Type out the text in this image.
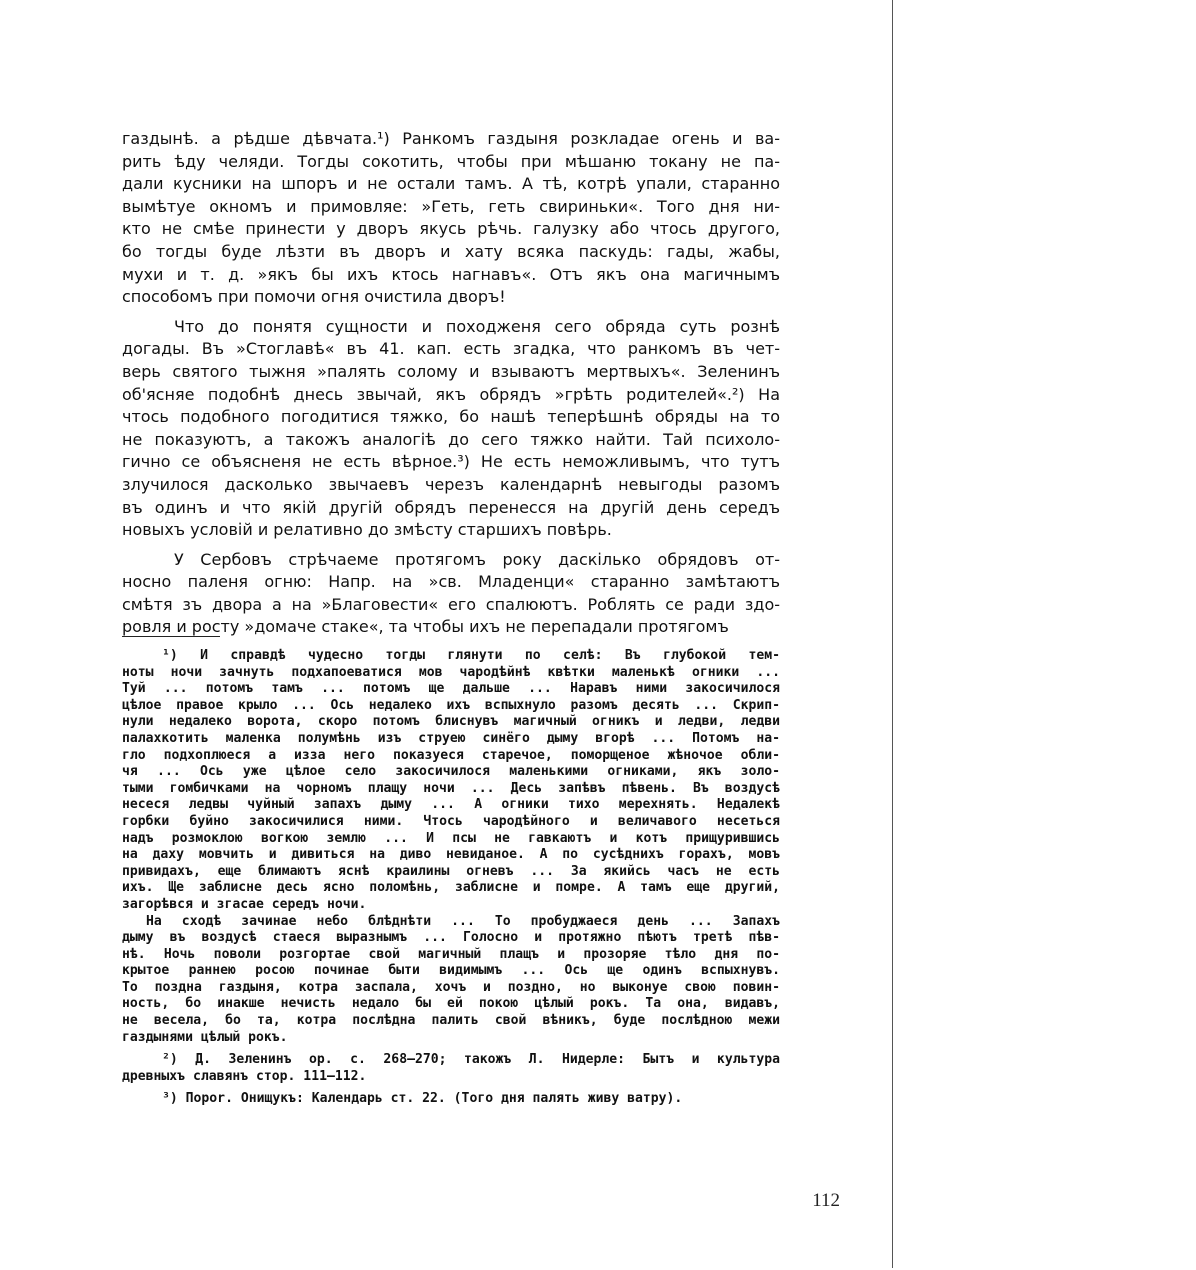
газдынѣ. а рѣдше дѣвчата.¹) Ранкомъ газдыня розкладае огень и ва-
рить ѣду челяди. Тогды сокотить, чтобы при мѣшаню токану не па-
дали кусники на шпоръ и не остали тамъ. А тѣ, котрѣ упали, старанно
вымѣтуе окномъ и примовляе: »Геть, геть свириньки«. Того дня ни-
кто не смѣе принести у дворъ якусь рѣчь. галузку або чтось другого,
бо тогды буде лѣзти въ дворъ и хату всяка паскудь: гады, жабы,
мухи и т. д. »якъ бы ихъ ктось нагнавъ«. Отъ якъ она магичнымъ
способомъ при помочи огня очистила дворъ!

Что до понятя сущности и походженя сего обряда суть рознѣ
догады. Въ »Стоглавѣ« въ 41. кап. есть згадка, что ранкомъ въ чет-
верь святого тыжня »палять солому и взываютъ мертвыхъ«. Зеленинъ
об'ясняе подобнѣ днесь звычай, якъ обрядъ »грѣть родителей«.²) На
чтось подобного погодитися тяжко, бо нашѣ теперѣшнѣ обряды на то
не показуютъ, а такожъ аналогіѣ до сего тяжко найти. Тай психоло-
гично се объясненя не есть вѣрное.³) Не есть неможливымъ, что тутъ
злучилося дасколько звычаевъ черезъ календарнѣ невыгоды разомъ
въ одинъ и что якій другій обрядъ перенесся на другій день середъ
новыхъ условій и релативно до змѣсту старшихъ повѣрь.

У Сербовъ стрѣчаеме протягомъ року даскілько обрядовъ от-
носно паленя огню: Напр. на »св. Младенци« старанно замѣтаютъ
смѣтя зъ двора а на »Благовести« его спалюютъ. Роблять се ради здо-
ровля и росту »домаче стаке«, та чтобы ихъ не перепадали протягомъ

¹) И справдѣ чудесно тогды глянути по селѣ: Въ глубокой тем-
ноты ночи зачнуть подхапоеватися мов чародѣйнѣ квѣтки маленькѣ огники ...
Туй ... потомъ тамъ ... потомъ ще дальше ... Наравъ ними закосичилося
цѣлое правое крыло ... Ось недалеко ихъ вспыхнуло разомъ десять ... Скрип-
нули недалеко ворота, скоро потомъ блиснувъ магичный огникъ и ледви, ледви
палахкотить маленка полумѣнь изъ струею синёго дыму вгорѣ ... Потомъ на-
гло подхоплюеся а изза него показуеся старечое, поморщеное жѣночое обли-
чя ... Ось уже цѣлое село закосичилося маленькими огниками, якъ золо-
тыми гомбичками на чорномъ плащу ночи ... Десь запѣвъ пѣвень. Въ воздусѣ
несеся ледвы чуйный запахъ дыму ... А огники тихо мерехнять. Недалекѣ
горбки буйно закосичилися ними. Чтось чародѣйного и величавого несеться
надъ розмоклою вогкою землю ... И псы не гавкаютъ и котъ прищурившись
на даху мовчить и дивиться на диво невиданое. А по сусѣднихъ горахъ, мовъ
привидахъ, еще блимаютъ яснѣ краилины огневъ ... За якийсь часъ не есть
ихъ. Ще заблисне десь ясно поломѣнь, заблисне и помре. А тамъ еще другий,
загорѣвся и згасае середъ ночи.
На сходѣ зачинае небо блѣднѣти ... То пробуджаеся день ... Запахъ
дыму въ воздусѣ стаеся выразнымъ ... Голосно и протяжно пѣютъ третѣ пѣв-
нѣ. Ночь поволи розгортае свой магичный плащъ и прозоряе тѣло дня по-
крытое раннею росою починае быти видимымъ ... Ось ще одинъ вспыхнувъ.
То поздна газдыня, котра заспала, хочъ и поздно, но выконуе свою повин-
ность, бо инакше нечисть недало бы ей покою цѣлый рокъ. Та она, видавъ,
не весела, бо та, котра послѣдна палить свой вѣникъ, буде послѣдною межи
газдынями цѣлый рокъ.
²) Д. Зеленинъ ор. с. 268—270; такожъ Л. Нидерле: Бытъ и культура
древныхъ славянъ стор. 111—112.
³) Пороr. Онищукъ: Календарь ст. 22. (Того дня палять живу ватру).
112
